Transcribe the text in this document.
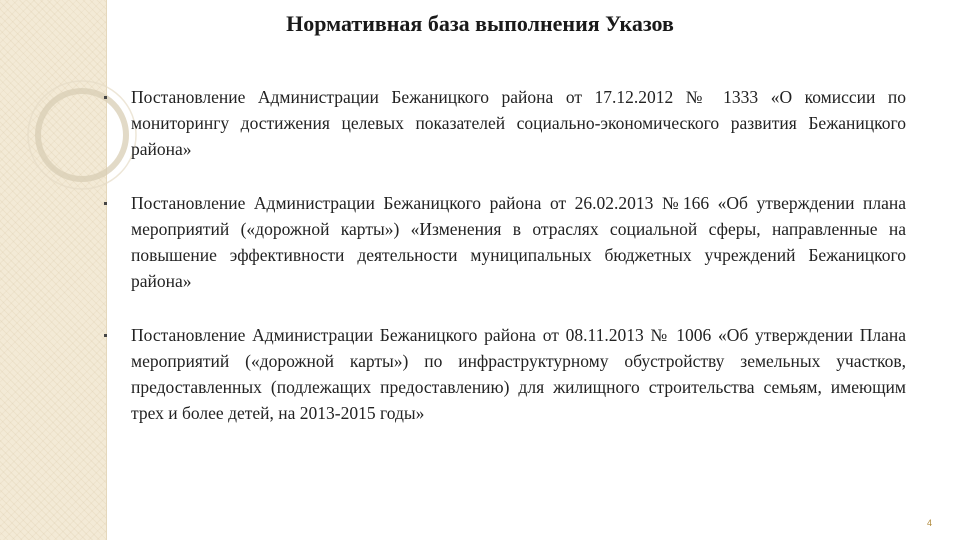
Нормативная база выполнения Указов
Постановление Администрации Бежаницкого района от 17.12.2012 № 1333 «О комиссии по мониторингу достижения целевых показателей социально-экономического развития Бежаницкого района»
Постановление Администрации Бежаницкого района от 26.02.2013 №166 «Об утверждении плана мероприятий («дорожной карты») «Изменения в отраслях социальной сферы, направленные на повышение эффективности деятельности муниципальных бюджетных учреждений Бежаницкого района»
Постановление Администрации Бежаницкого района от 08.11.2013 № 1006 «Об утверждении Плана мероприятий («дорожной карты») по инфраструктурному обустройству земельных участков, предоставленных (подлежащих предоставлению) для жилищного строительства семьям, имеющим трех и более детей, на 2013-2015 годы»
4
